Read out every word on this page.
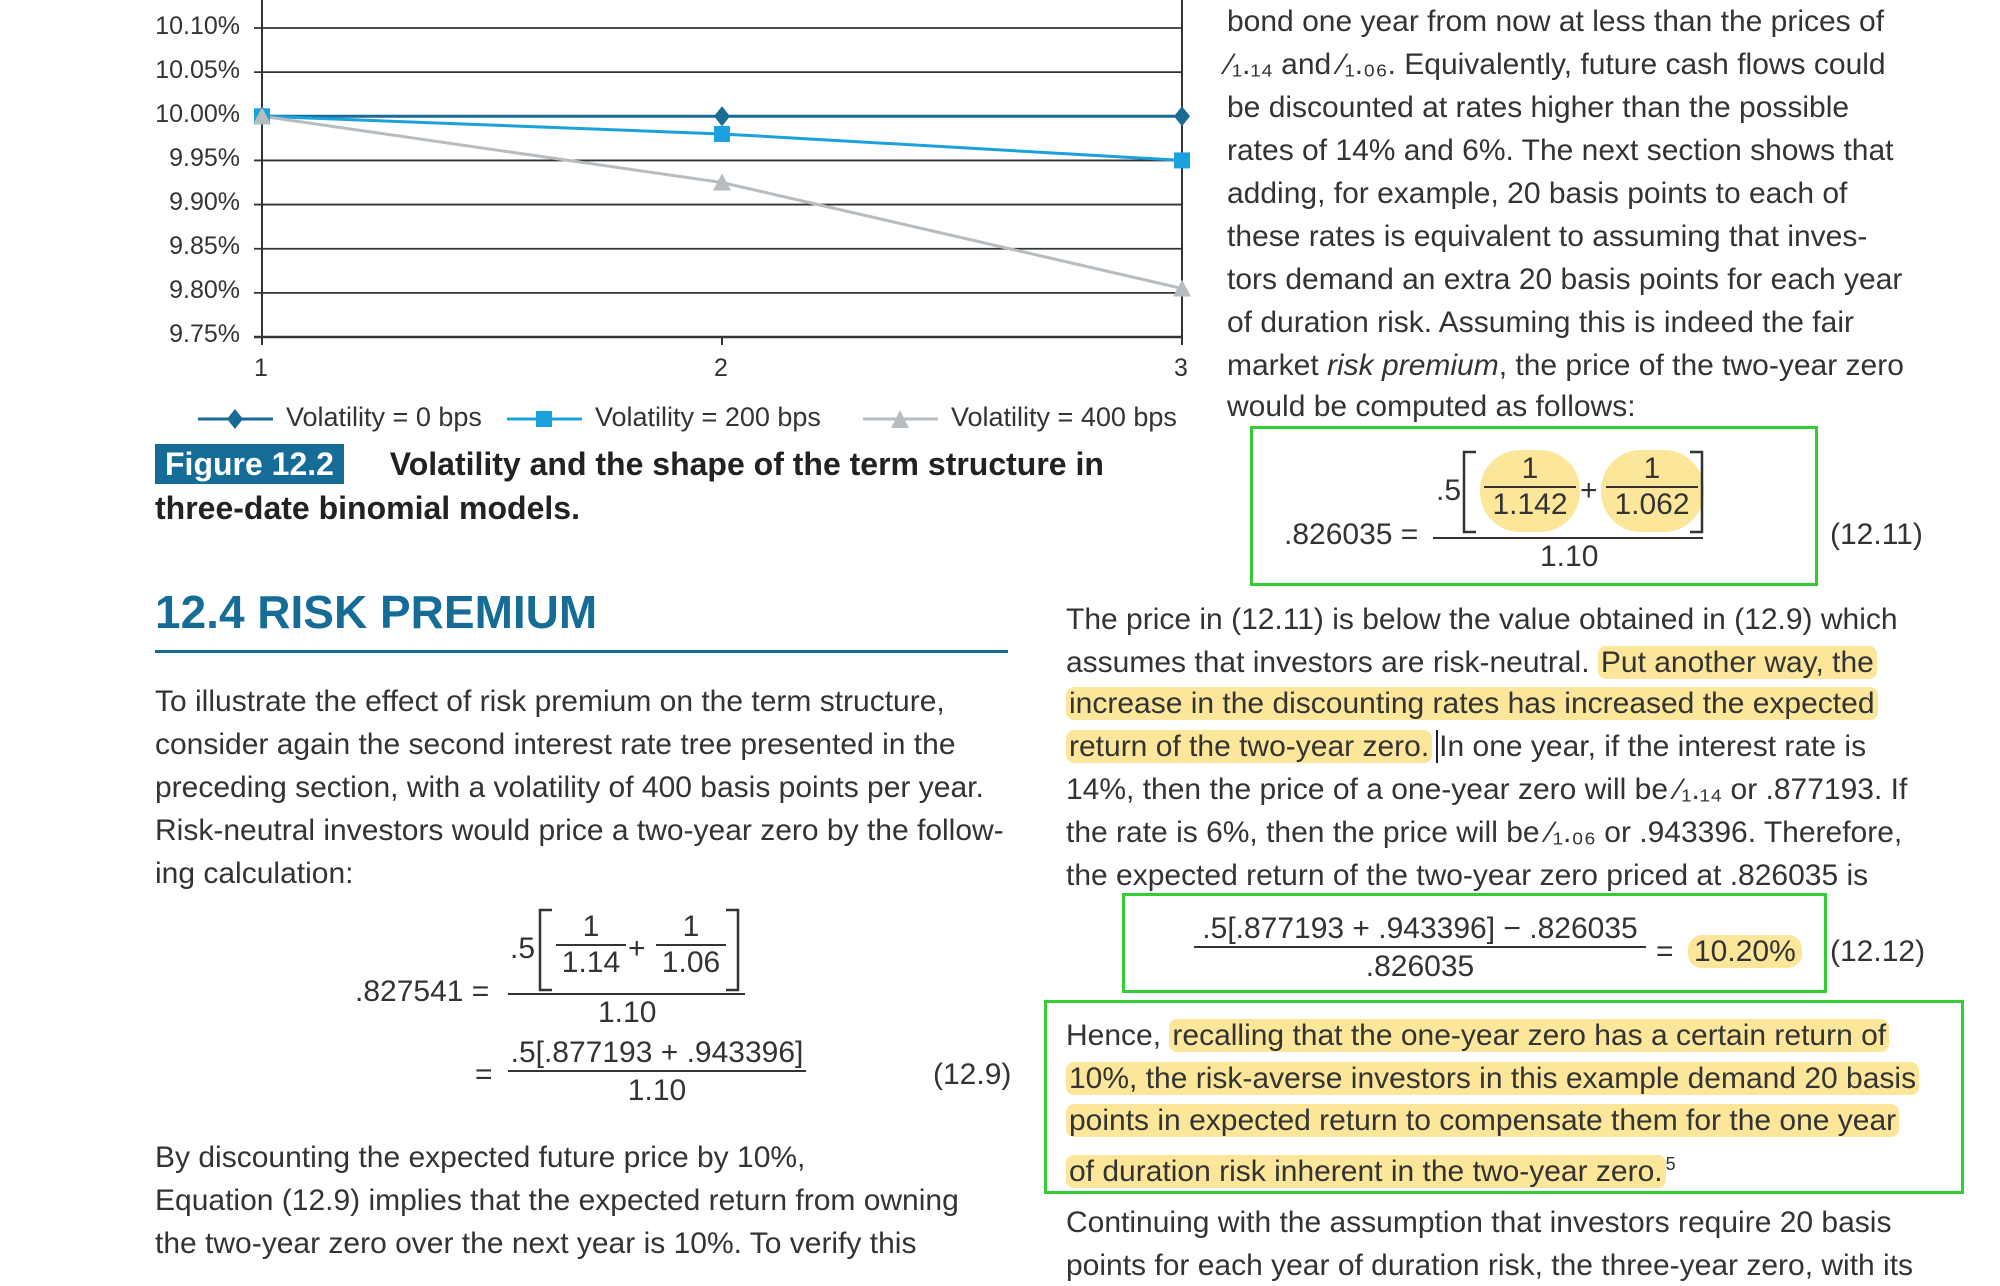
10.10%
10.05%
10.00%
9.95%
9.90%
9.85%
9.80%
9.75%
1	2	3
Volatility = 0 bps	Volatility = 200 bps	Volatility = 400 bps
Figure 12.2 Volatility and the shape of the term structure in
three-date binomial models.
12.4 RISK PREMIUM
To illustrate the effect of risk premium on the term structure,
consider again the second interest rate tree presented in the
preceding section, with a volatility of 400 basis points per year.
Risk-neutral investors would price a two-year zero by the follow-
ing calculation:
.827541 =
$.5 \frac{1}{1.14} + \frac{1}{1.06}$
1.10
= $\frac{.5[.877193 + .943396]}{1.10}$	(12.9)
By discounting the expected future price by 10%,
Equation (12.9) implies that the expected return from owning
the two-year zero over the next year is 10%. To verify this
bond one year from now at less than the prices of
⁄₁.₁₄ and ⁄₁.₀₆. Equivalently, future cash flows could
be discounted at rates higher than the possible
rates of 14% and 6%. The next section shows that
adding, for example, 20 basis points to each of
these rates is equivalent to assuming that inves-
tors demand an extra 20 basis points for each year
of duration risk. Assuming this is indeed the fair
market risk premium, the price of the two-year zero
would be computed as follows:
.826035 =
$.5 \frac{1}{1.142} + \frac{1}{1.062}$
1.10
(12.11)
The price in (12.11) is below the value obtained in (12.9) which
assumes that investors are risk-neutral. Put another way, the
increase in the discounting rates has increased the expected
return of the two-year zero. In one year, if the interest rate is
14%, then the price of a one-year zero will be ⁄₁.₁₄ or .877193. If
the rate is 6%, then the price will be ⁄₁.₀₆ or .943396. Therefore,
the expected return of the two-year zero priced at .826035 is
$\frac{.5[.877193 + .943396] - .826035}{.826035} = 10.20\%$ (12.12)
Hence, recalling that the one-year zero has a certain return of
10%, the risk-averse investors in this example demand 20 basis
points in expected return to compensate them for the one year
of duration risk inherent in the two-year zero. $^5$
Continuing with the assumption that investors require 20 basis
points for each year of duration risk, the three-year zero, with its
